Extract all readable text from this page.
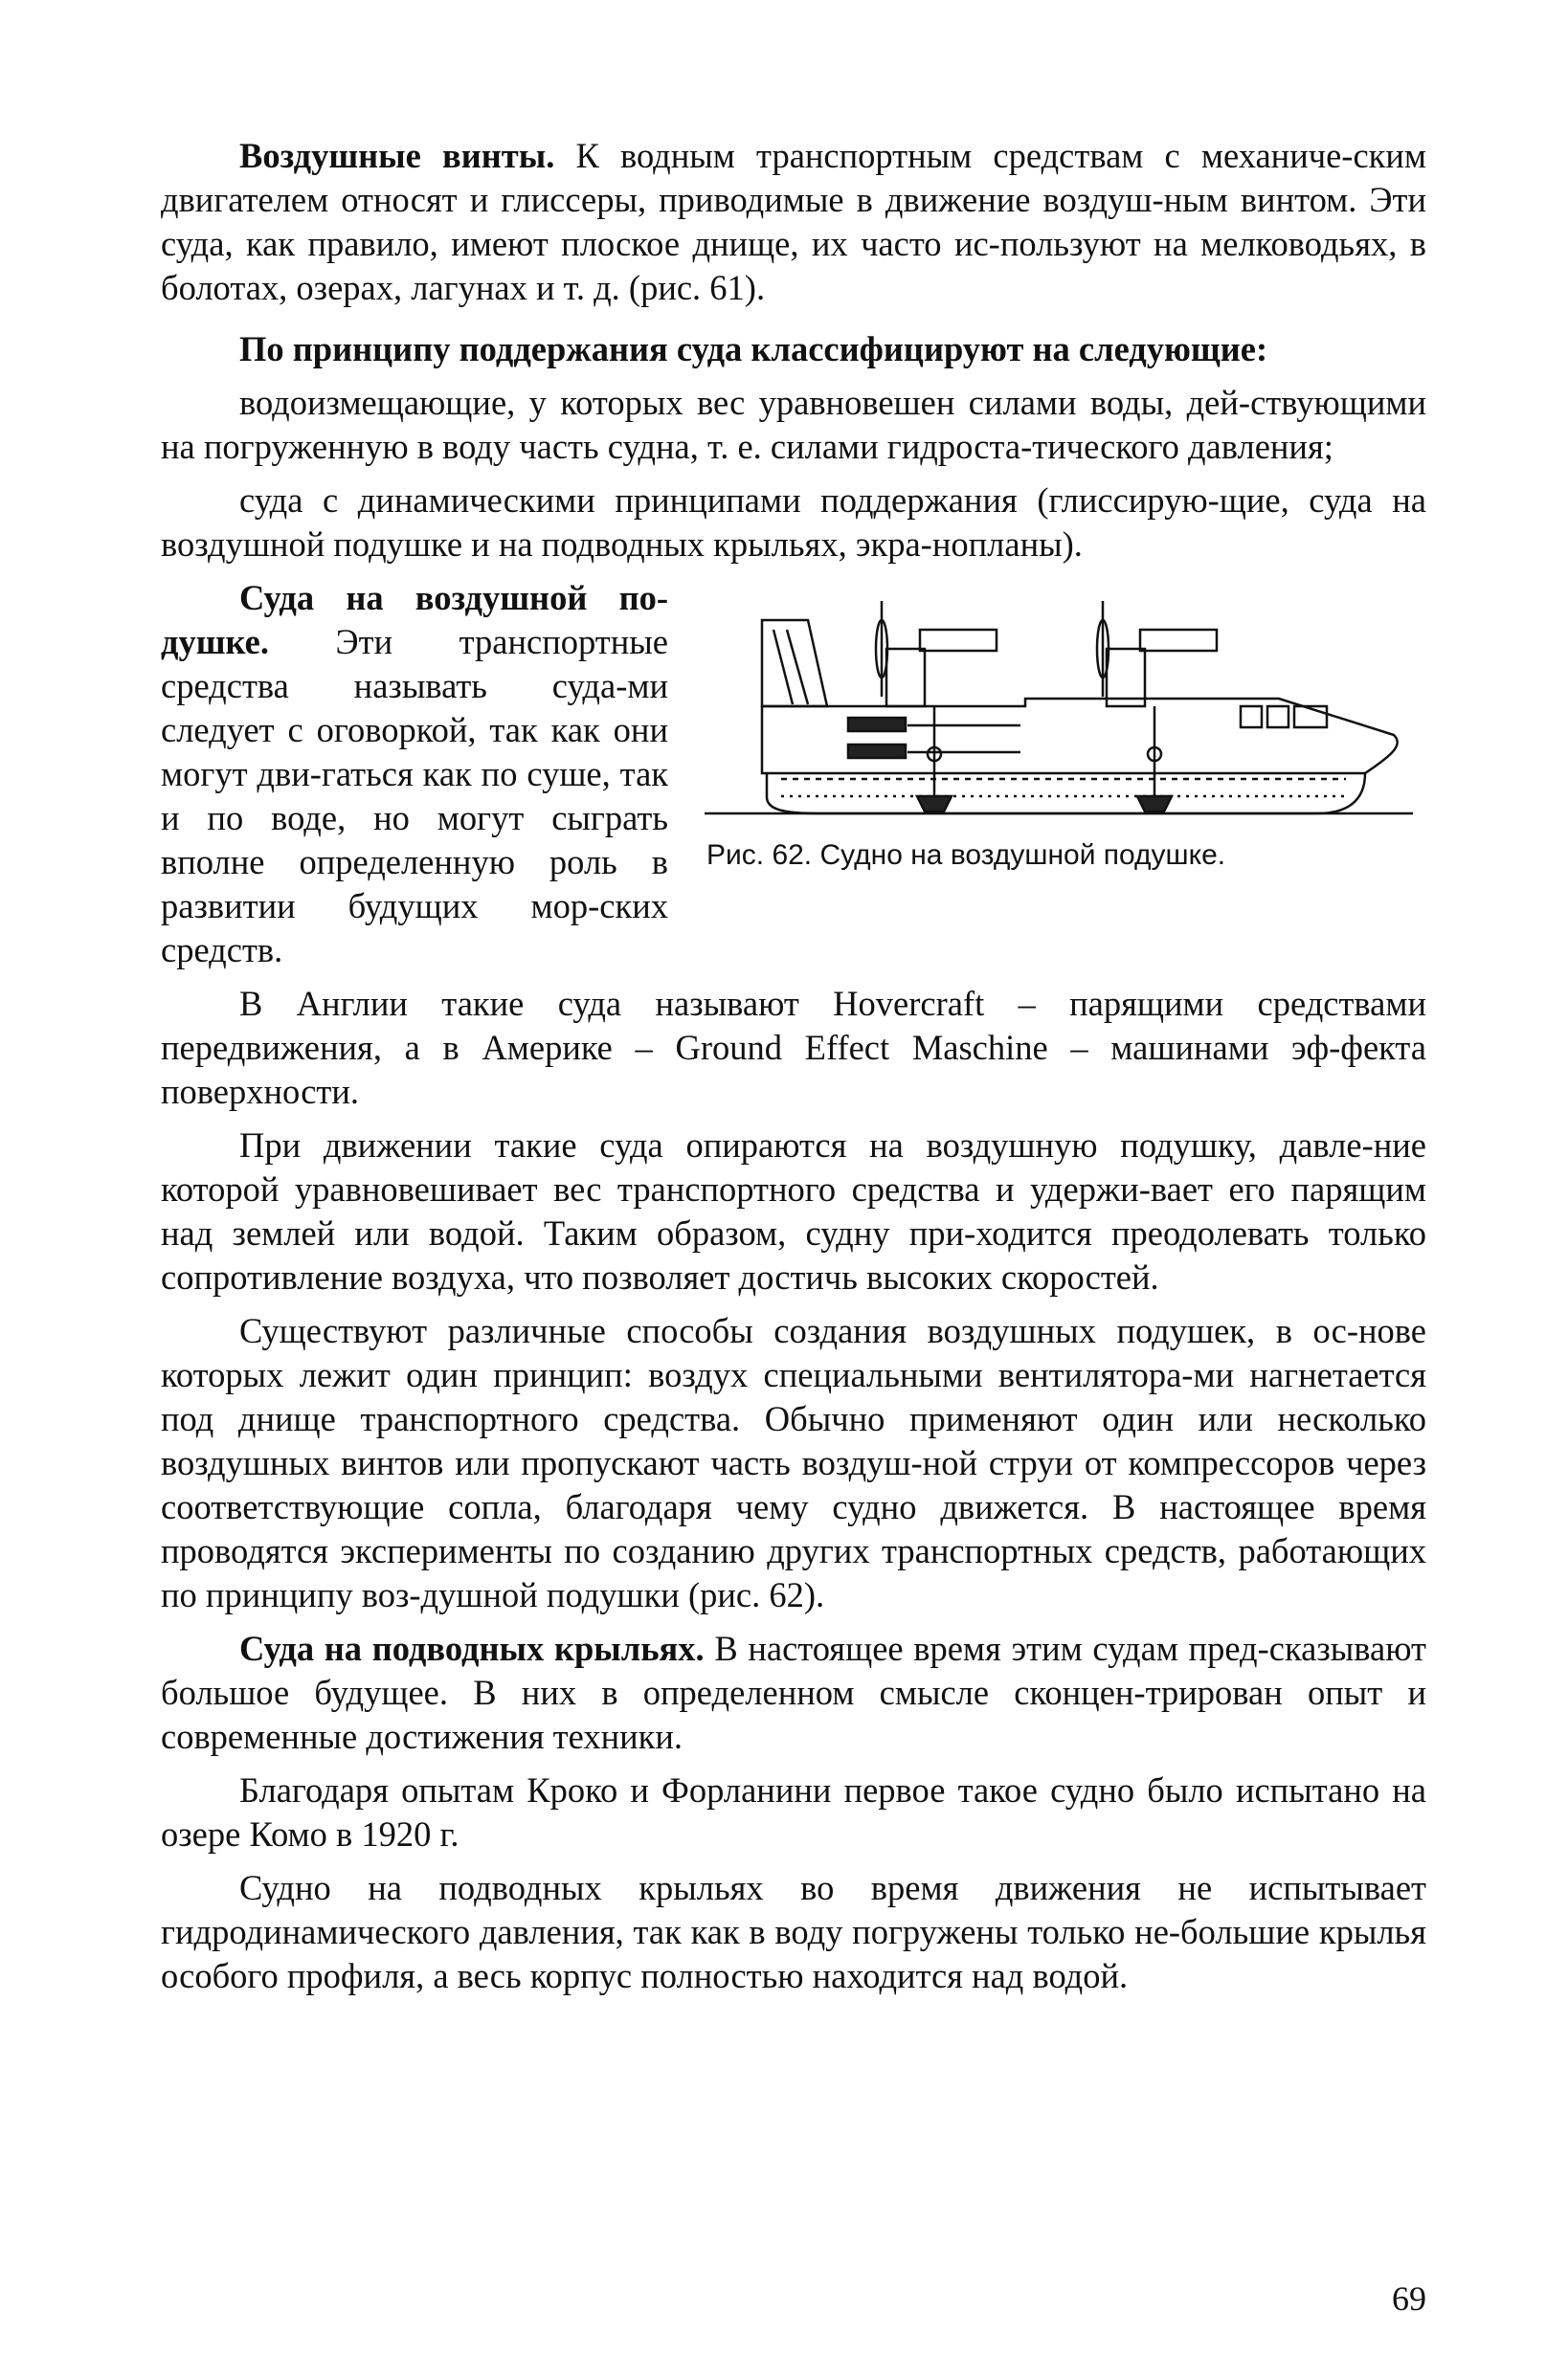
Воздушные винты. К водным транспортным средствам с механиче-ским двигателем относят и глиссеры, приводимые в движение воздуш-ным винтом. Эти суда, как правило, имеют плоское днище, их часто ис-пользуют на мелководьях, в болотах, озерах, лагунах и т. д. (рис. 61).

По принципу поддержания суда классифицируют на следующие:

водоизмещающие, у которых вес уравновешен силами воды, дей-ствующими на погруженную в воду часть судна, т. е. силами гидроста-тического давления;

суда с динамическими принципами поддержания (глиссирую-щие, суда на воздушной подушке и на подводных крыльях, экра-нопланы).

Суда на воздушной по-душке. Эти транспортные средства называть суда-ми следует с оговоркой, так как они могут дви-гаться как по суше, так и по воде, но могут сыграть вполне определенную роль в развитии будущих мор-ских средств.

Рис. 62. Судно на воздушной подушке.

В Англии такие суда называют Hovercraft – парящими средствами передвижения, а в Америке – Ground Effect Maschine – машинами эф-фекта поверхности.

При движении такие суда опираются на воздушную подушку, давле-ние которой уравновешивает вес транспортного средства и удержи-вает его парящим над землей или водой. Таким образом, судну при-ходится преодолевать только сопротивление воздуха, что позволяет достичь высоких скоростей.

Существуют различные способы создания воздушных подушек, в ос-нове которых лежит один принцип: воздух специальными вентилятора-ми нагнетается под днище транспортного средства. Обычно применяют один или несколько воздушных винтов или пропускают часть воздуш-ной струи от компрессоров через соответствующие сопла, благодаря чему судно движется. В настоящее время проводятся эксперименты по созданию других транспортных средств, работающих по принципу воз-душной подушки (рис. 62).

Суда на подводных крыльях. В настоящее время этим судам пред-сказывают большое будущее. В них в определенном смысле сконцен-трирован опыт и современные достижения техники.

Благодаря опытам Кроко и Форланини первое такое судно было испытано на озере Комо в 1920 г.

Судно на подводных крыльях во время движения не испытывает гидродинамического давления, так как в воду погружены только не-большие крылья особого профиля, а весь корпус полностью находится над водой.

69
